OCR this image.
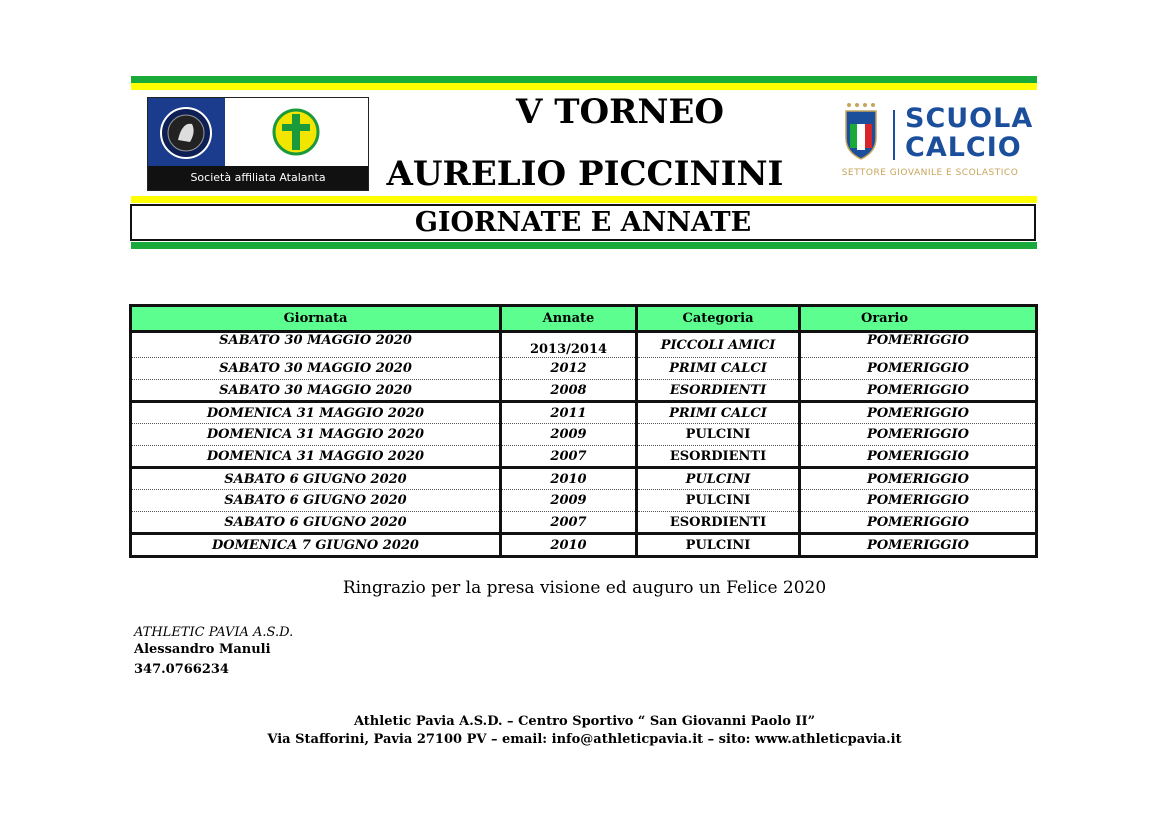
Società affiliata Atalanta
V TORNEO
AURELIO PICCININI
SCUOLA
CALCIO
SETTORE GIOVANILE E SCOLASTICO
GIORNATE E ANNATE
Giornata	Annate	Categoria	Orario
SABATO 30 MAGGIO 2020	2013/2014	PICCOLI AMICI	POMERIGGIO
SABATO 30 MAGGIO 2020	2012	PRIMI CALCI	POMERIGGIO
SABATO 30 MAGGIO 2020	2008	ESORDIENTI	POMERIGGIO
DOMENICA 31 MAGGIO 2020	2011	PRIMI CALCI	POMERIGGIO
DOMENICA 31 MAGGIO 2020	2009	PULCINI	POMERIGGIO
DOMENICA 31 MAGGIO 2020	2007	ESORDIENTI	POMERIGGIO
SABATO 6 GIUGNO 2020	2010	PULCINI	POMERIGGIO
SABATO 6 GIUGNO 2020	2009	PULCINI	POMERIGGIO
SABATO 6 GIUGNO 2020	2007	ESORDIENTI	POMERIGGIO
DOMENICA 7 GIUGNO 2020	2010	PULCINI	POMERIGGIO
Ringrazio per la presa visione ed auguro un Felice 2020
ATHLETIC PAVIA A.S.D.
Alessandro Manuli
347.0766234
Athletic Pavia A.S.D. – Centro Sportivo “ San Giovanni Paolo II”
Via Stafforini, Pavia 27100 PV – email: info@athleticpavia.it – sito: www.athleticpavia.it
